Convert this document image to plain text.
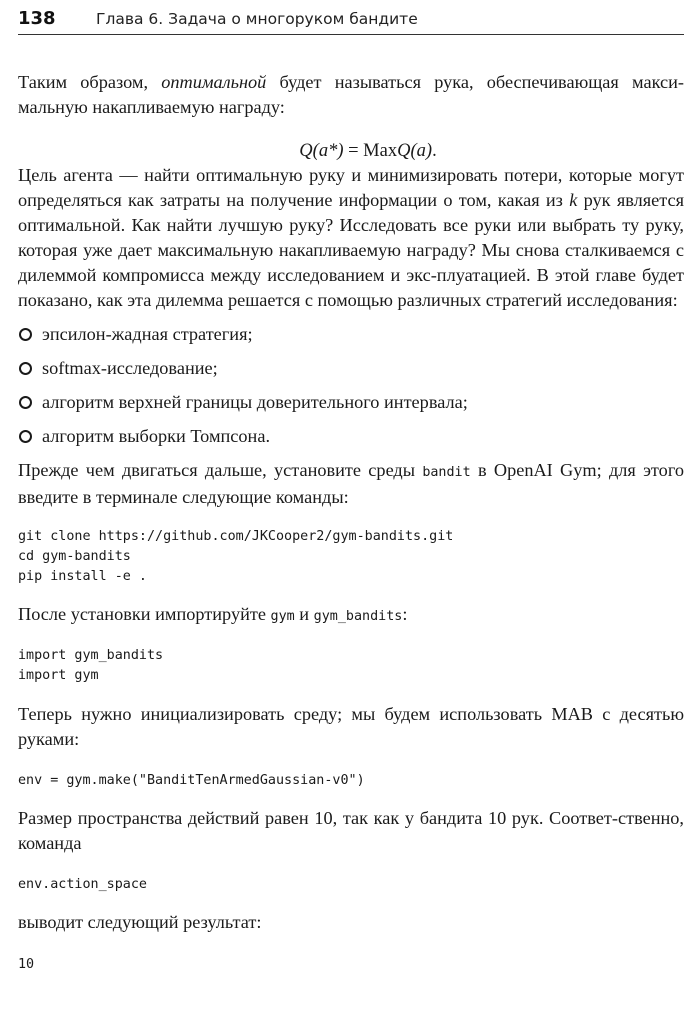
138	Глава 6. Задача о многоруком бандите

Таким образом, оптимальной будет называться рука, обеспечивающая макси-мальную накапливаемую награду:

Q(a*) = MaxQ(a).

Цель агента — найти оптимальную руку и минимизировать потери, которые могут определяться как затраты на получение информации о том, какая из k рук является оптимальной. Как найти лучшую руку? Исследовать все руки или выбрать ту руку, которая уже дает максимальную накапливаемую награду? Мы снова сталкиваемся с дилеммой компромисса между исследованием и экс-плуатацией. В этой главе будет показано, как эта дилемма решается с помощью различных стратегий исследования:

эпсилон-жадная стратегия;
softmax-исследование;
алгоритм верхней границы доверительного интервала;
алгоритм выборки Томпсона.

Прежде чем двигаться дальше, установите среды bandit в OpenAI Gym; для этого введите в терминале следующие команды:

git clone https://github.com/JKCooper2/gym-bandits.git
cd gym-bandits
pip install -e .

После установки импортируйте gym и gym_bandits:

import gym_bandits
import gym

Теперь нужно инициализировать среду; мы будем использовать MAB с десятью руками:

env = gym.make("BanditTenArmedGaussian-v0")

Размер пространства действий равен 10, так как у бандита 10 рук. Соответ-ственно, команда

env.action_space

выводит следующий результат:

10
